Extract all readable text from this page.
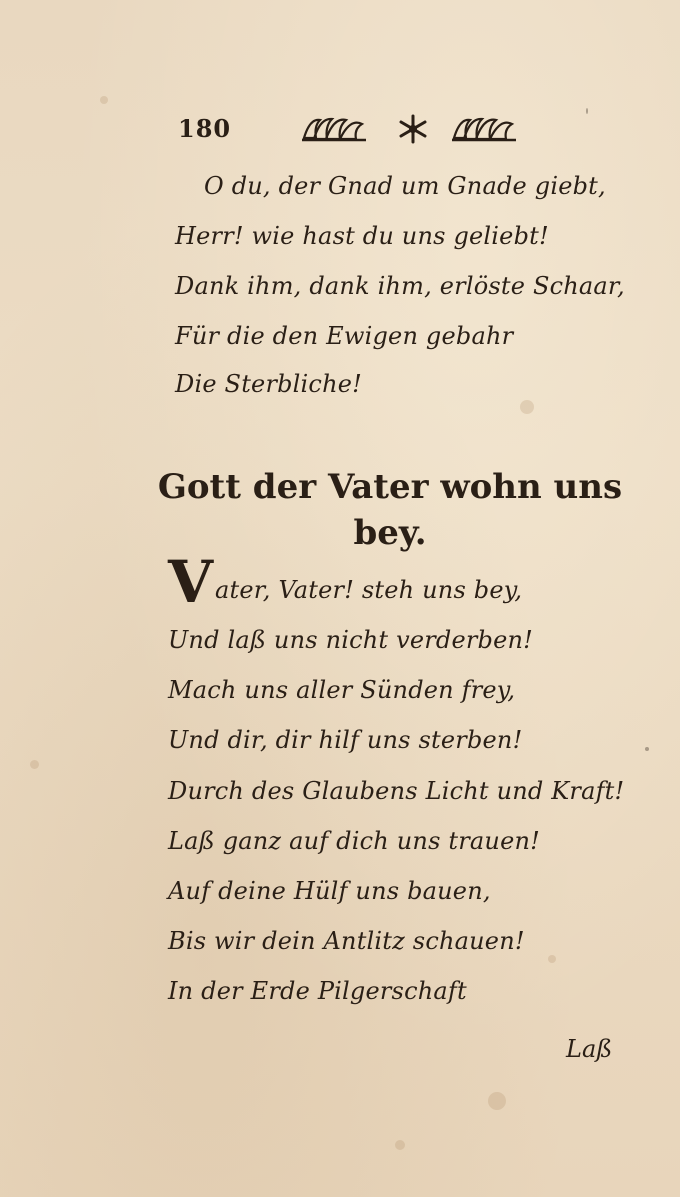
180
O du, der Gnad um Gnade giebt,
Herr! wie hast du uns geliebt!
Dank ihm, dank ihm, erlöste Schaar,
Für die den Ewigen gebahr
Die Sterbliche!
Gott der Vater wohn uns bey.
V ater, Vater! steh uns bey,
Und laß uns nicht verderben!
Mach uns aller Sünden frey,
Und dir, dir hilf uns sterben!
Durch des Glaubens Licht und Kraft!
Laß ganz auf dich uns trauen!
Auf deine Hülf uns bauen,
Bis wir dein Antlitz schauen!
In der Erde Pilgerschaft
Laß
